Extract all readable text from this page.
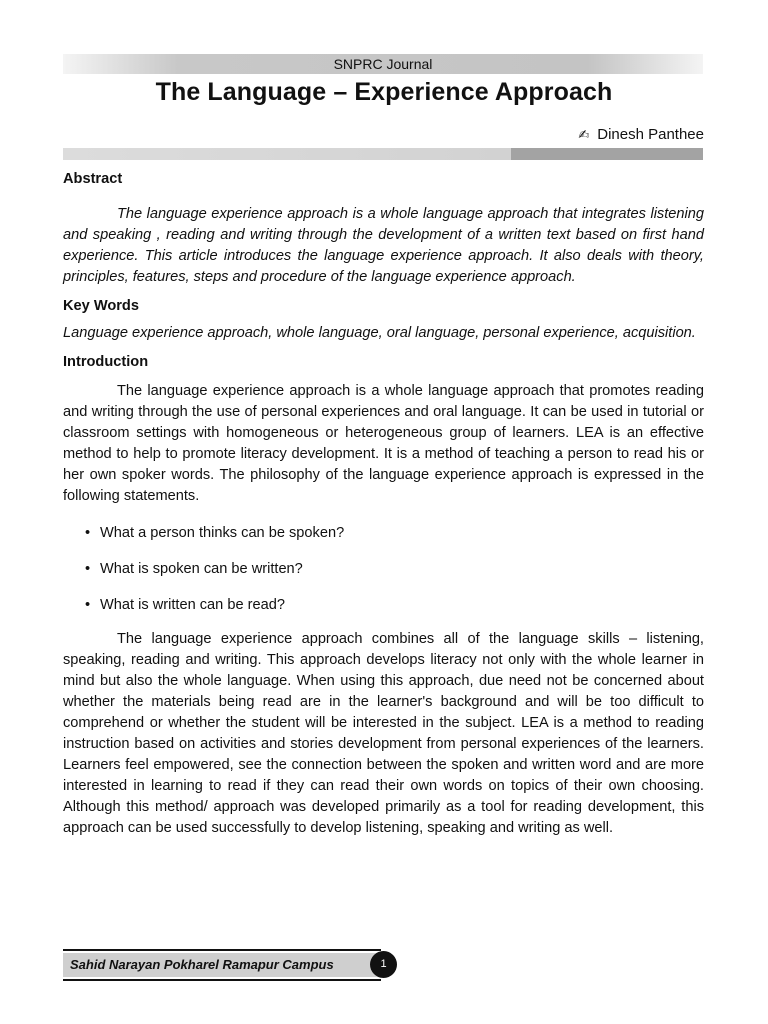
SNPRC Journal
The Language – Experience Approach
✍ Dinesh Panthee
Abstract

The language experience approach is a whole language approach that integrates listening and speaking , reading and writing through the development of a written text based on first hand experience. This article introduces the language experience approach. It also deals with theory, principles, features, steps and procedure of the language experience approach.

Key Words

Language experience approach, whole language, oral language, personal experience, acquisition.

Introduction

The language experience approach is a whole language approach that promotes reading and writing through the use of personal experiences and oral language. It can be used in tutorial or classroom settings with homogeneous or heterogeneous group of learners. LEA is an effective method to help to promote literacy development. It is a method of teaching a person to read his or her own spoker words. The philosophy of the language experience approach is expressed in the following statements.

• What a person thinks can be spoken?
• What is spoken can be written?
• What is written can be read?

The language experience approach combines all of the language skills – listening, speaking, reading and writing. This approach develops literacy not only with the whole learner in mind but also the whole language. When using this approach, due need not be concerned about whether the materials being read are in the learner's background and will be too difficult to comprehend or whether the student will be interested in the subject. LEA is a method to reading instruction based on activities and stories development from personal experiences of the learners. Learners feel empowered, see the connection between the spoken and written word and are more interested in learning to read if they can read their own words on topics of their own choosing. Although this method/ approach was developed primarily as a tool for reading development, this approach can be used successfully to develop listening, speaking and writing as well.

Sahid Narayan Pokharel Ramapur Campus	1
